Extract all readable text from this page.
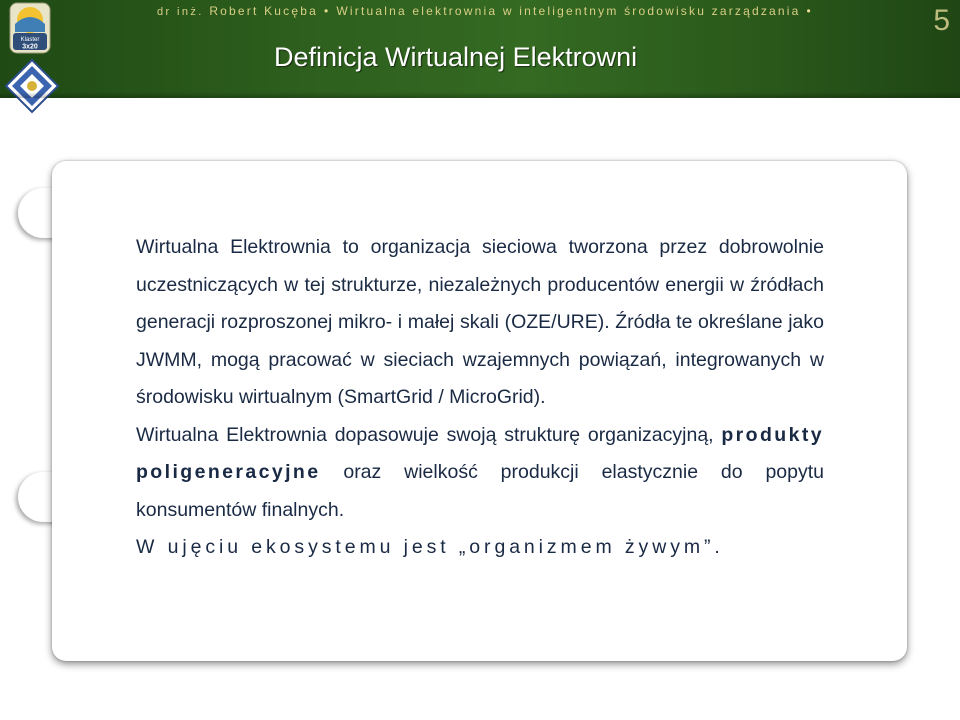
dr inż. Robert Kucęba • Wirtualna elektrownia w inteligentnym środowisku zarządzania •	5
Definicja Wirtualnej Elektrowni
Klaster
3x20

Wirtualna Elektrownia to organizacja sieciowa tworzona przez dobrowolnie uczestniczących w tej strukturze, niezależnych producentów energii w źródłach generacji rozproszonej mikro- i małej skali (OZE/URE). Źródła te określane jako JWMM, mogą pracować w sieciach wzajemnych powiązań, integrowanych w środowisku wirtualnym (SmartGrid / MicroGrid).

Wirtualna Elektrownia dopasowuje swoją strukturę organizacyjną, produkty poligeneracyjne oraz wielkość produkcji elastycznie do popytu konsumentów finalnych.

W ujęciu ekosystemu jest „organizmem żywym”.
